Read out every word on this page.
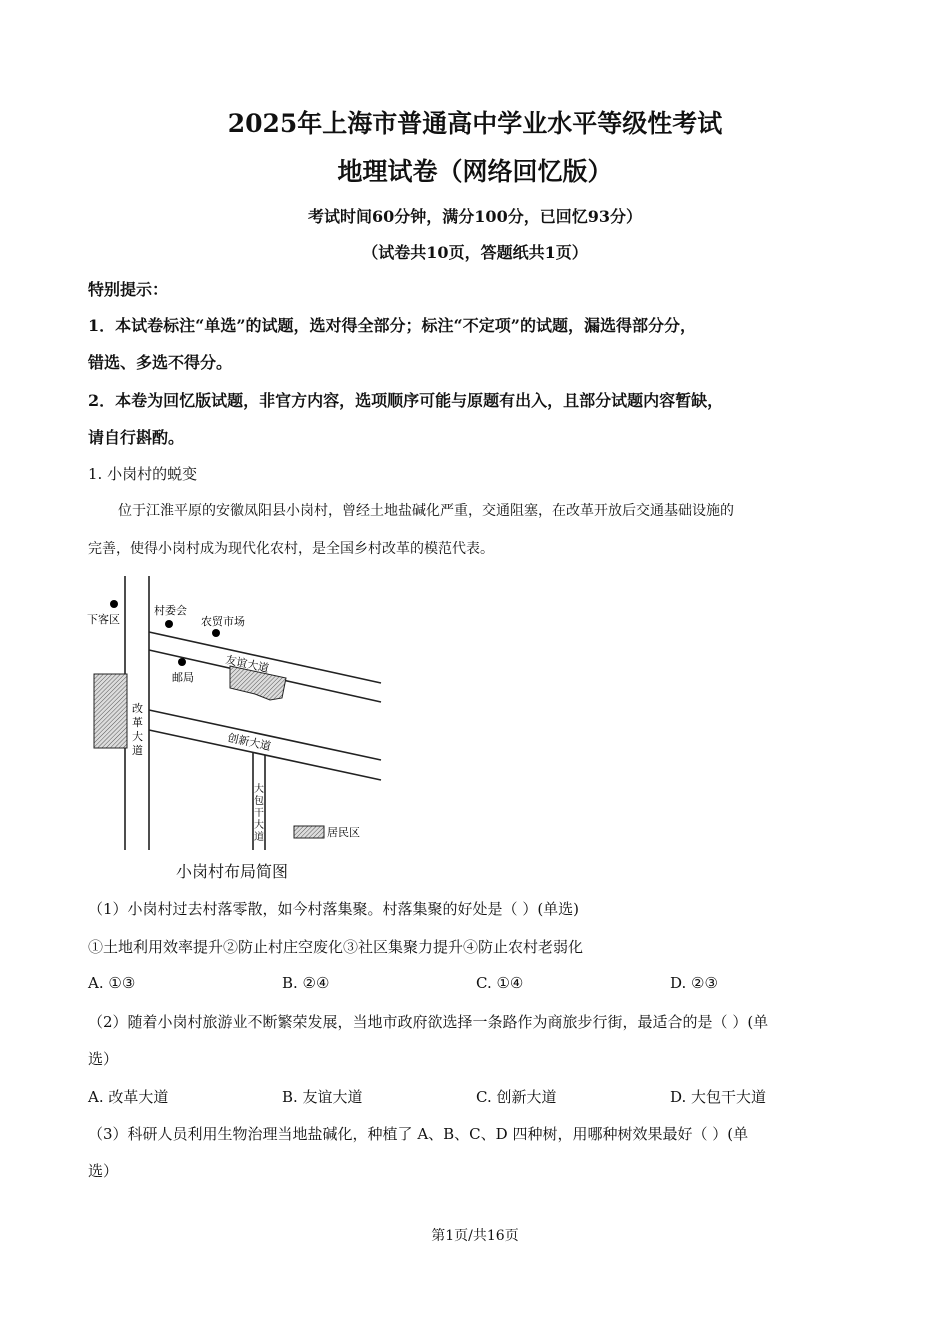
2025年上海市普通高中学业水平等级性考试
地理试卷（网络回忆版）
考试时间60分钟，满分100分，已回忆93分）
（试卷共10页，答题纸共1页）
特别提示：
1．本试卷标注“单选”的试题，选对得全部分；标注“不定项”的试题，漏选得部分分，
错选、多选不得分。
2．本卷为回忆版试题，非官方内容，选项顺序可能与原题有出入，且部分试题内容暂缺，
请自行斟酌。
1. 小岗村的蜕变
位于江淮平原的安徽凤阳县小岗村，曾经土地盐碱化严重，交通阻塞，在改革开放后交通基础设施的
完善，使得小岗村成为现代化农村，是全国乡村改革的模范代表。
下客区
村委会
农贸市场
友谊大道
邮局
改
革
大
道	创新大道
大
包
干
大
道	居民区
小岗村布局简图
（1）小岗村过去村落零散，如今村落集聚。村落集聚的好处是（ ）(单选)
①土地利用效率提升②防止村庄空废化③社区集聚力提升④防止农村老弱化
A. ①③	B. ②④	C. ①④	D. ②③
（2）随着小岗村旅游业不断繁荣发展，当地市政府欲选择一条路作为商旅步行街，最适合的是（ ）(单
选）
A. 改革大道	B. 友谊大道	C. 创新大道	D. 大包干大道
（3）科研人员利用生物治理当地盐碱化，种植了 A、B、C、D 四种树，用哪种树效果最好（ ）(单
选）
第1页/共16页
